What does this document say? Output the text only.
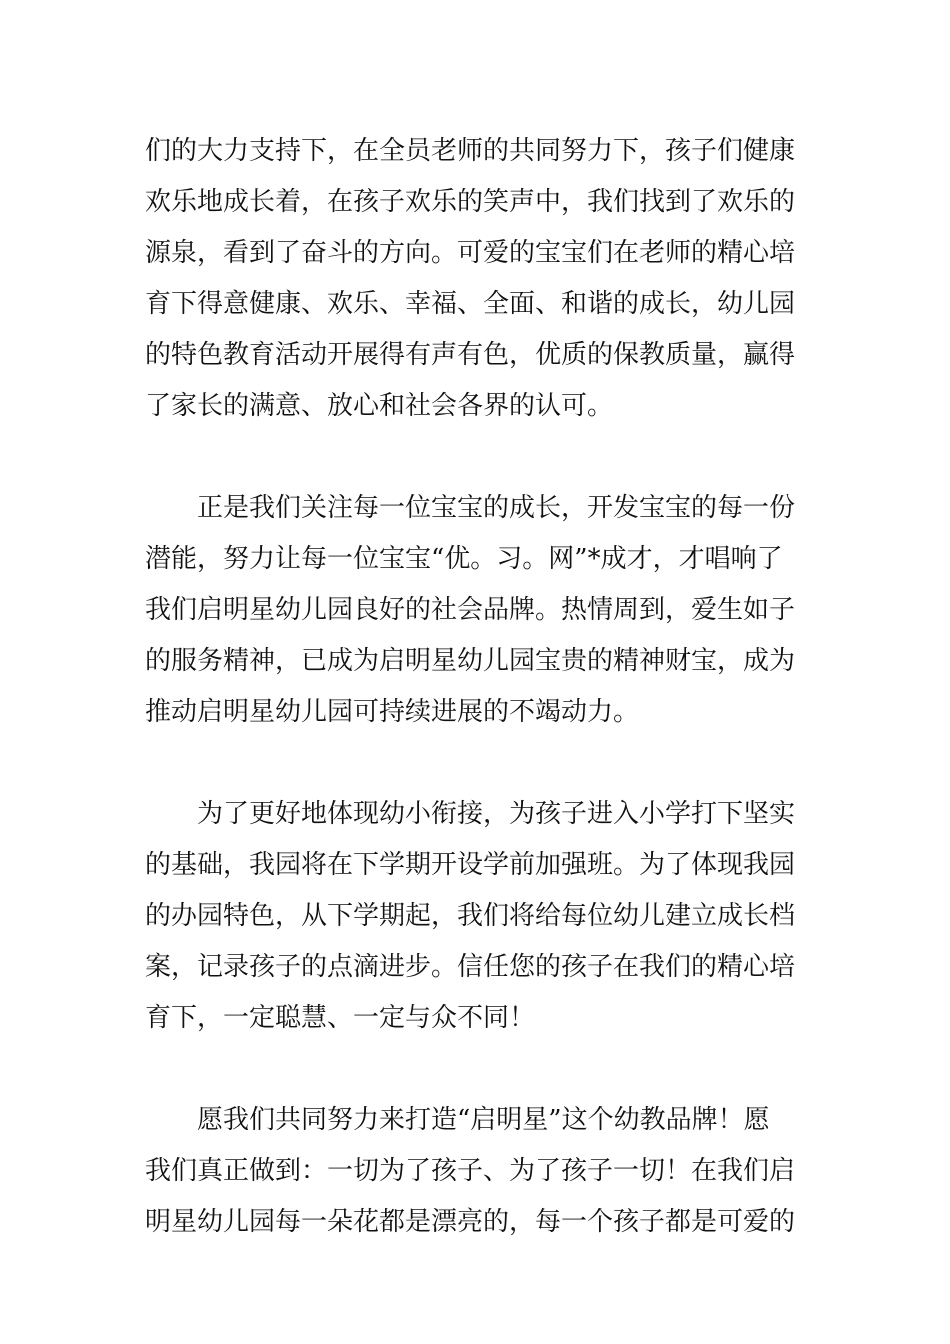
们的大力支持下，在全员老师的共同努力下，孩子们健康
欢乐地成长着，在孩子欢乐的笑声中，我们找到了欢乐的
源泉，看到了奋斗的方向。可爱的宝宝们在老师的精心培
育下得意健康、欢乐、幸福、全面、和谐的成长，幼儿园
的特色教育活动开展得有声有色，优质的保教质量，赢得
了家长的满意、放心和社会各界的认可。
正是我们关注每一位宝宝的成长，开发宝宝的每一份
潜能，努力让每一位宝宝“优。习。网”*成才，才唱响了
我们启明星幼儿园良好的社会品牌。热情周到，爱生如子
的服务精神，已成为启明星幼儿园宝贵的精神财宝，成为
推动启明星幼儿园可持续进展的不竭动力。
为了更好地体现幼小衔接，为孩子进入小学打下坚实
的基础，我园将在下学期开设学前加强班。为了体现我园
的办园特色，从下学期起，我们将给每位幼儿建立成长档
案，记录孩子的点滴进步。信任您的孩子在我们的精心培
育下，一定聪慧、一定与众不同！
愿我们共同努力来打造“启明星”这个幼教品牌！愿
我们真正做到：一切为了孩子、为了孩子一切！在我们启
明星幼儿园每一朵花都是漂亮的，每一个孩子都是可爱的
